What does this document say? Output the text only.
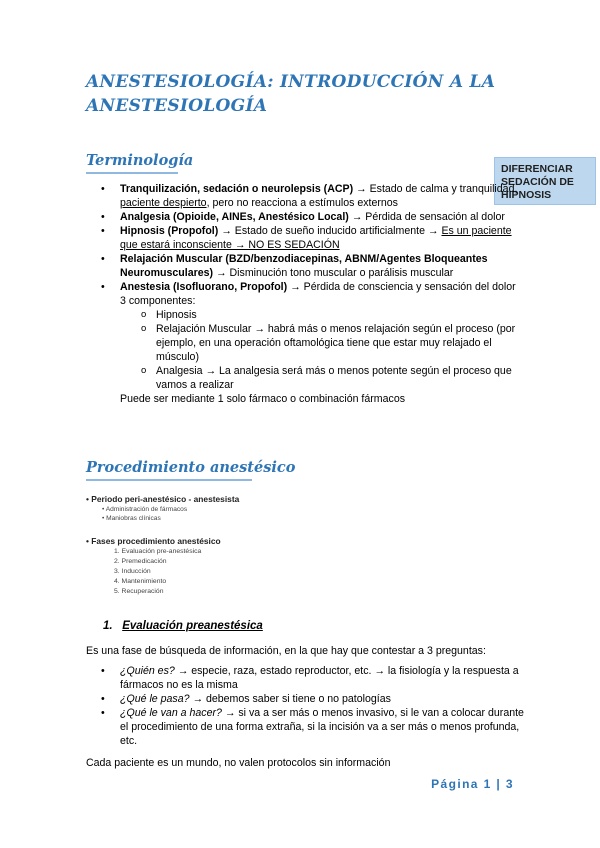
ANESTESIOLOGÍA: INTRODUCCIÓN A LA ANESTESIOLOGÍA
Terminología	DIFERENCIAR SEDACIÓN DE HIPNOSIS
• Tranquilización, sedación o neurolepsis (ACP) → Estado de calma y tranquilidad, paciente despierto, pero no reacciona a estímulos externos
• Analgesia (Opioide, AINEs, Anestésico Local) → Pérdida de sensación al dolor
• Hipnosis (Propofol) → Estado de sueño inducido artificialmente → Es un paciente que estará inconsciente → NO ES SEDACIÓN
• Relajación Muscular (BZD/benzodiacepinas, ABNM/Agentes Bloqueantes Neuromusculares) → Disminución tono muscular o parálisis muscular
• Anestesia (Isofluorano, Propofol) → Pérdida de consciencia y sensación del dolor
3 componentes:
o Hipnosis
o Relajación Muscular → habrá más o menos relajación según el proceso (por ejemplo, en una operación oftamológica tiene que estar muy relajado el músculo)
o Analgesia → La analgesia será más o menos potente según el proceso que vamos a realizar
Puede ser mediante 1 solo fármaco o combinación fármacos
Procedimiento anestésico
• Periodo peri-anestésico - anestesista
• Administración de fármacos
• Maniobras clínicas
• Fases procedimiento anestésico
1. Evaluación pre-anestésica
2. Premedicación
3. Inducción
4. Mantenimiento
5. Recuperación
1. Evaluación preanestésica
Es una fase de búsqueda de información, en la que hay que contestar a 3 preguntas:
• ¿Quién es? → especie, raza, estado reproductor, etc. → la fisiología y la respuesta a fármacos no es la misma
• ¿Qué le pasa? → debemos saber si tiene o no patologías
• ¿Qué le van a hacer? → si va a ser más o menos invasivo, si le van a colocar durante el procedimiento de una forma extraña, si la incisión va a ser más o menos profunda, etc.
Cada paciente es un mundo, no valen protocolos sin información
Página 1 | 3
